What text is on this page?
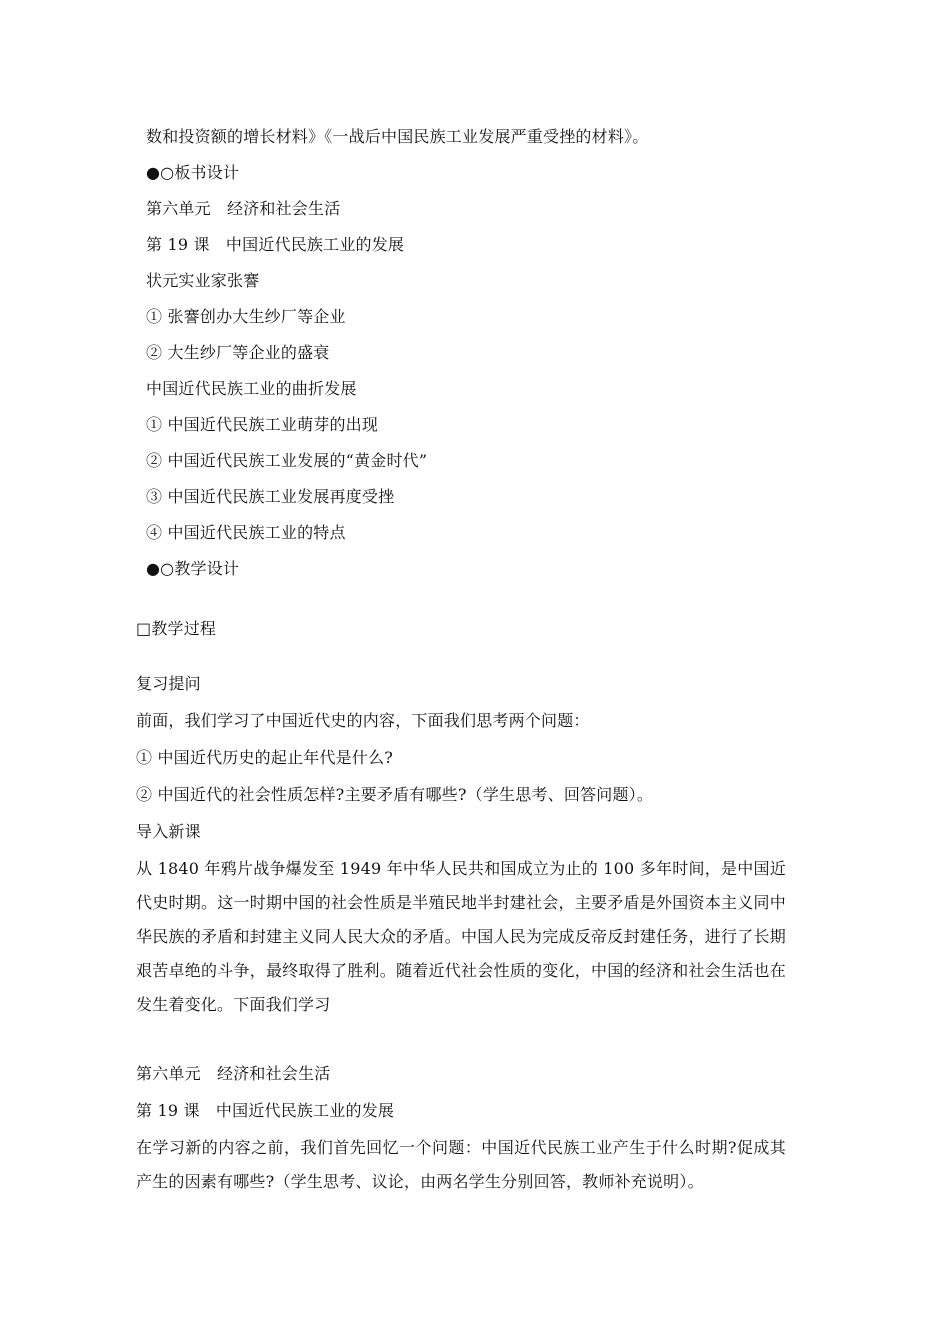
数和投资额的增长材料》《一战后中国民族工业发展严重受挫的材料》。
●○板书设计
第六单元　经济和社会生活
第 19 课　中国近代民族工业的发展
状元实业家张謇
① 张謇创办大生纱厂等企业
② 大生纱厂等企业的盛衰
中国近代民族工业的曲折发展
① 中国近代民族工业萌芽的出现
② 中国近代民族工业发展的“黄金时代”
③ 中国近代民族工业发展再度受挫
④ 中国近代民族工业的特点
●○教学设计
□教学过程
复习提问
前面，我们学习了中国近代史的内容，下面我们思考两个问题：
① 中国近代历史的起止年代是什么?
② 中国近代的社会性质怎样?主要矛盾有哪些?（学生思考、回答问题）。
导入新课
从 1840 年鸦片战争爆发至 1949 年中华人民共和国成立为止的 100 多年时间，是中国近代史时期。这一时期中国的社会性质是半殖民地半封建社会，主要矛盾是外国资本主义同中华民族的矛盾和封建主义同人民大众的矛盾。中国人民为完成反帝反封建任务，进行了长期艰苦卓绝的斗争，最终取得了胜利。随着近代社会性质的变化，中国的经济和社会生活也在发生着变化。下面我们学习
第六单元　经济和社会生活
第 19 课　中国近代民族工业的发展
在学习新的内容之前，我们首先回忆一个问题：中国近代民族工业产生于什么时期?促成其产生的因素有哪些?（学生思考、议论，由两名学生分别回答，教师补充说明）。
